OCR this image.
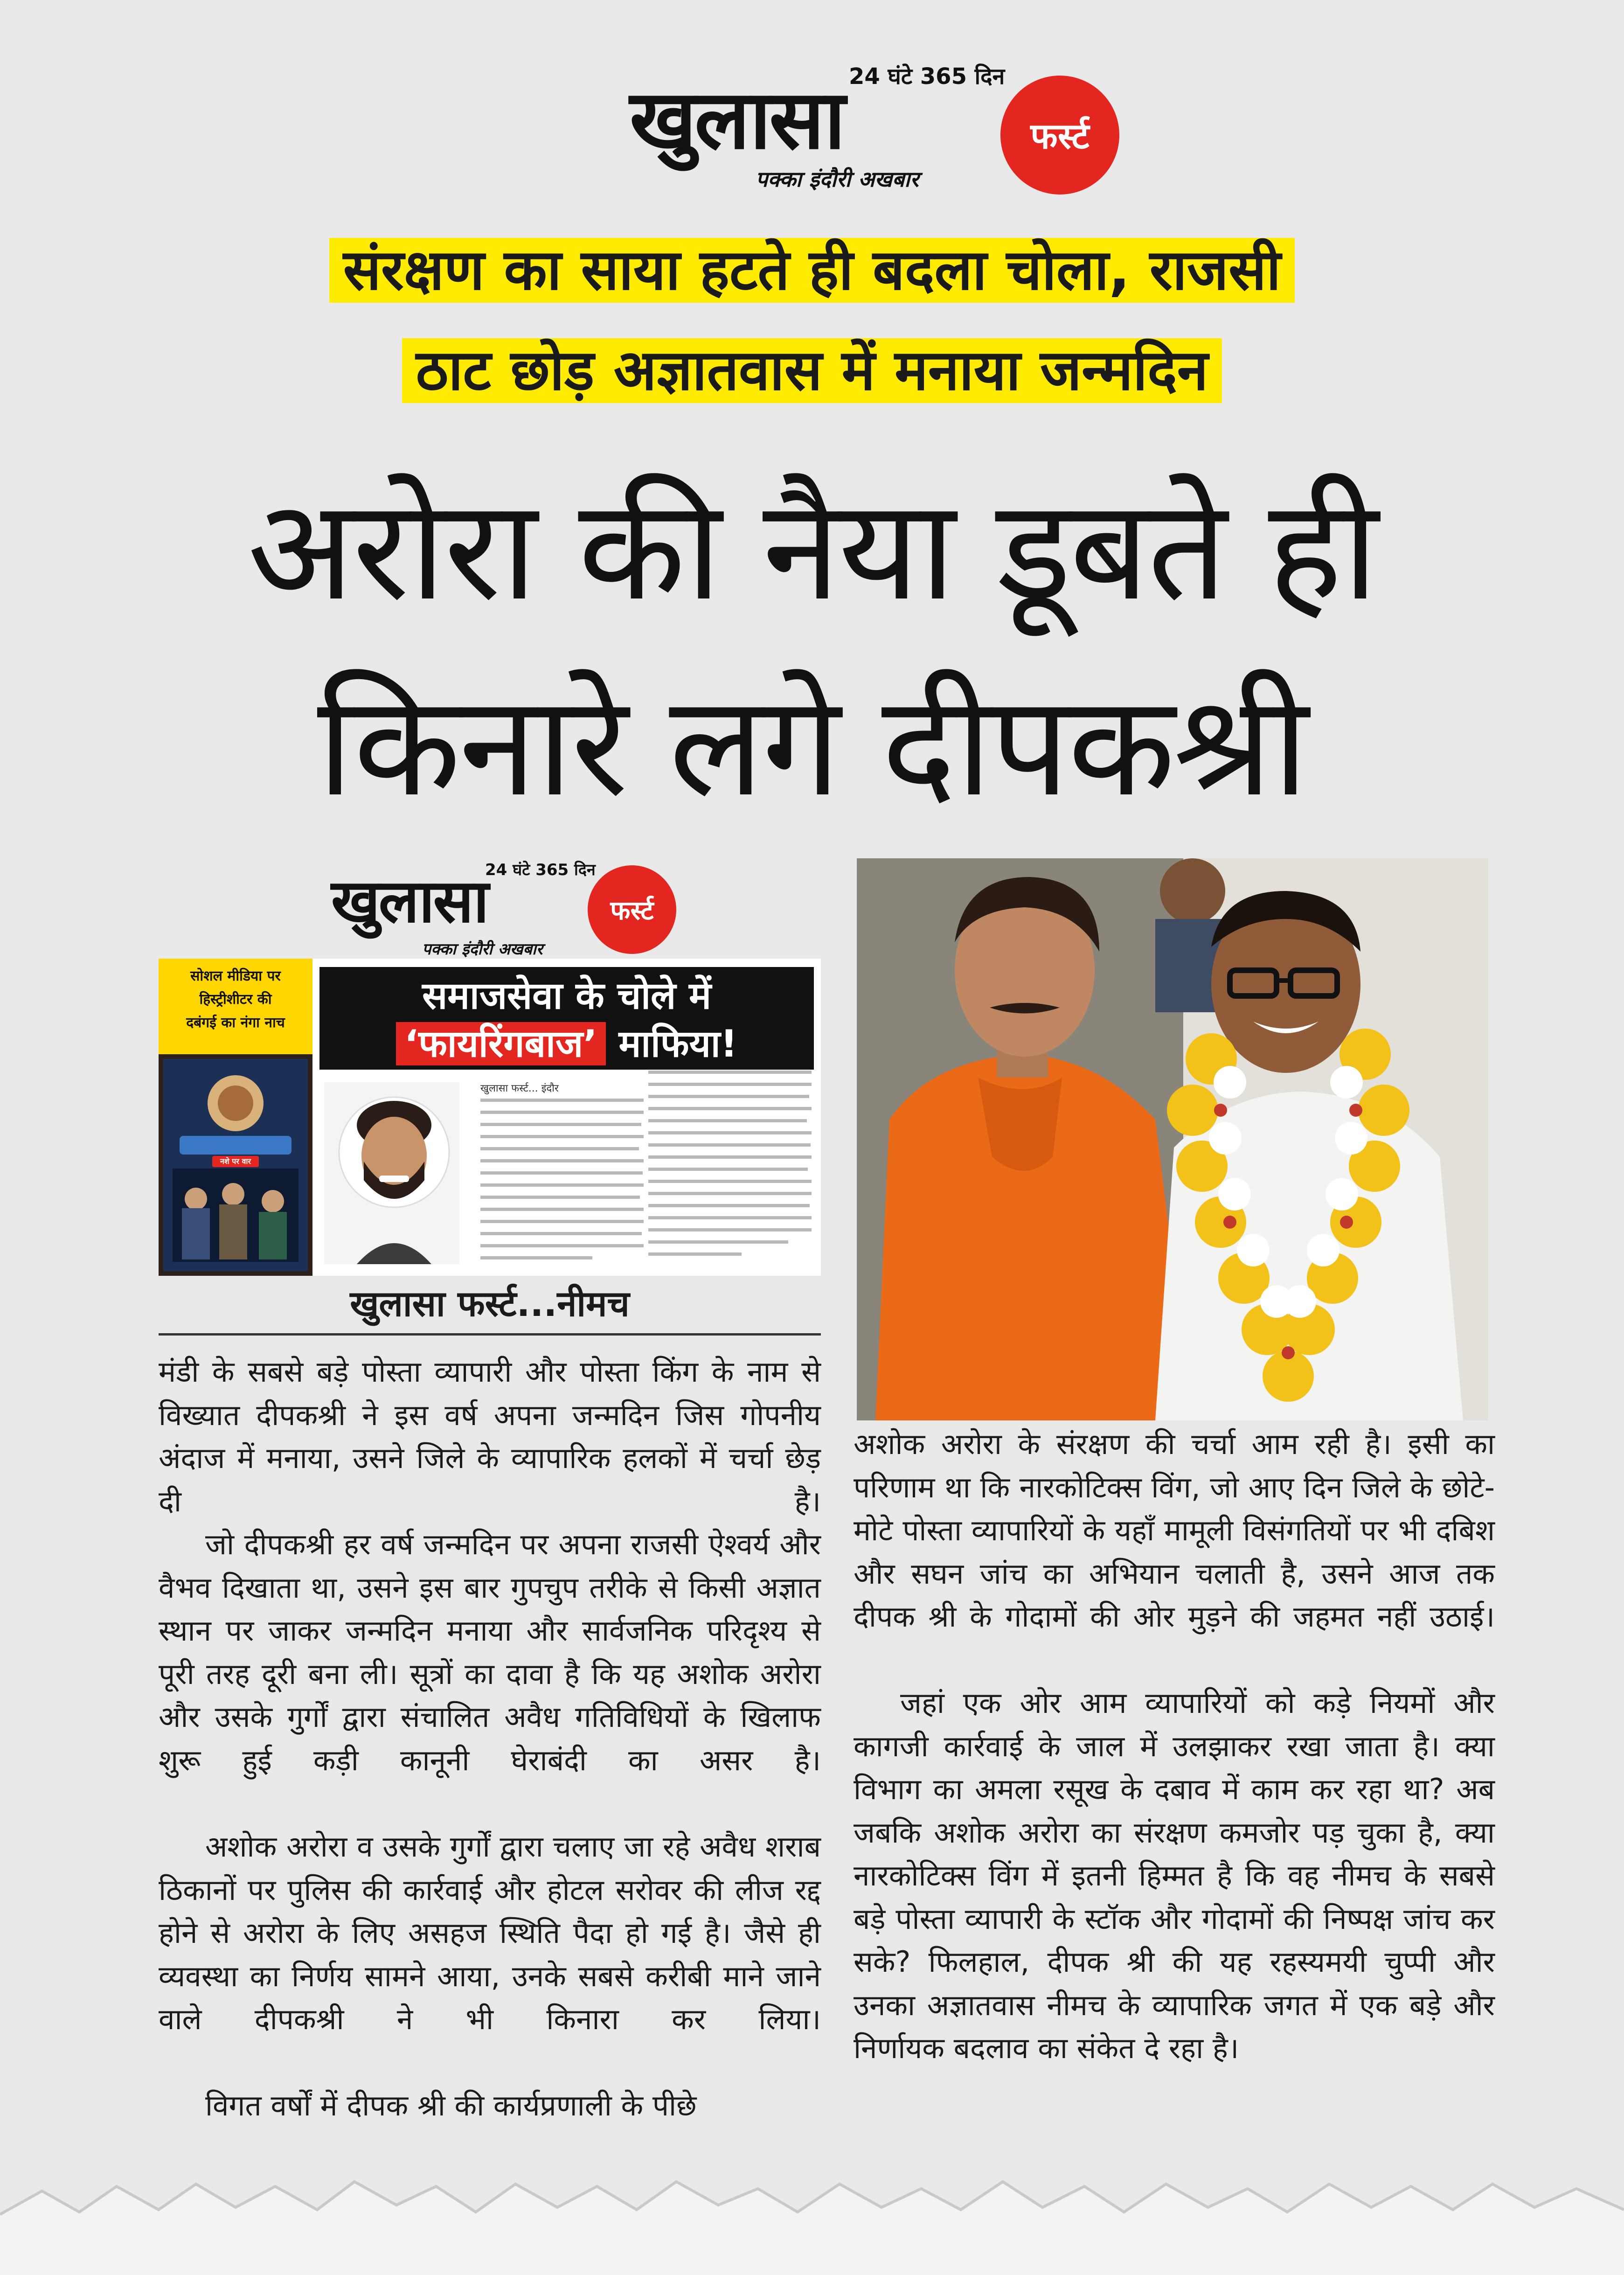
24 घंटे 365 दिन
खुलासा
पक्का इंदौरी अखबार
फर्स्ट
संरक्षण का साया हटते ही बदला चोला, राजसी
ठाट छोड़ अज्ञातवास में मनाया जन्मदिन
अरोरा की नैया डूबते ही
किनारे लगे दीपकश्री
24 घंटे 365 दिन
खुलासा
पक्का इंदौरी अखबार
फर्स्ट
सोशल मीडिया पर
हिस्ट्रीशीटर की
दबंगई का नंगा नाच
नशे पर वार
समाजसेवा के चोले में
‘फायरिंगबाज’ माफिया!
खुलासा फर्स्ट... इंदौर
खुलासा फर्स्ट...नीमच

मंडी के सबसे बड़े पोस्ता व्यापारी और पोस्ता किंग के नाम से विख्यात दीपकश्री ने इस वर्ष अपना जन्मदिन जिस गोपनीय अंदाज में मनाया, उसने जिले के व्यापारिक हलकों में चर्चा छेड़ दी है।

जो दीपकश्री हर वर्ष जन्मदिन पर अपना राजसी ऐश्वर्य और वैभव दिखाता था, उसने इस बार गुपचुप तरीके से किसी अज्ञात स्थान पर जाकर जन्मदिन मनाया और सार्वजनिक परिदृश्य से पूरी तरह दूरी बना ली। सूत्रों का दावा है कि यह अशोक अरोरा और उसके गुर्गों द्वारा संचालित अवैध गतिविधियों के खिलाफ शुरू हुई कड़ी कानूनी घेराबंदी का असर है।

अशोक अरोरा व उसके गुर्गों द्वारा चलाए जा रहे अवैध शराब ठिकानों पर पुलिस की कार्रवाई और होटल सरोवर की लीज रद्द होने से अरोरा के लिए असहज स्थिति पैदा हो गई है। जैसे ही व्यवस्था का निर्णय सामने आया, उनके सबसे करीबी माने जाने वाले दीपकश्री ने भी किनारा कर लिया।

विगत वर्षों में दीपक श्री की कार्यप्रणाली के पीछे

अशोक अरोरा के संरक्षण की चर्चा आम रही है। इसी का परिणाम था कि नारकोटिक्स विंग, जो आए दिन जिले के छोटे-मोटे पोस्ता व्यापारियों के यहाँ मामूली विसंगतियों पर भी दबिश और सघन जांच का अभियान चलाती है, उसने आज तक दीपक श्री के गोदामों की ओर मुड़ने की जहमत नहीं उठाई।

जहां एक ओर आम व्यापारियों को कड़े नियमों और कागजी कार्रवाई के जाल में उलझाकर रखा जाता है। क्या विभाग का अमला रसूख के दबाव में काम कर रहा था? अब जबकि अशोक अरोरा का संरक्षण कमजोर पड़ चुका है, क्या नारकोटिक्स विंग में इतनी हिम्मत है कि वह नीमच के सबसे बड़े पोस्ता व्यापारी के स्टॉक और गोदामों की निष्पक्ष जांच कर सके? फिलहाल, दीपक श्री की यह रहस्यमयी चुप्पी और उनका अज्ञातवास नीमच के व्यापारिक जगत में एक बड़े और निर्णायक बदलाव का संकेत दे रहा है।
